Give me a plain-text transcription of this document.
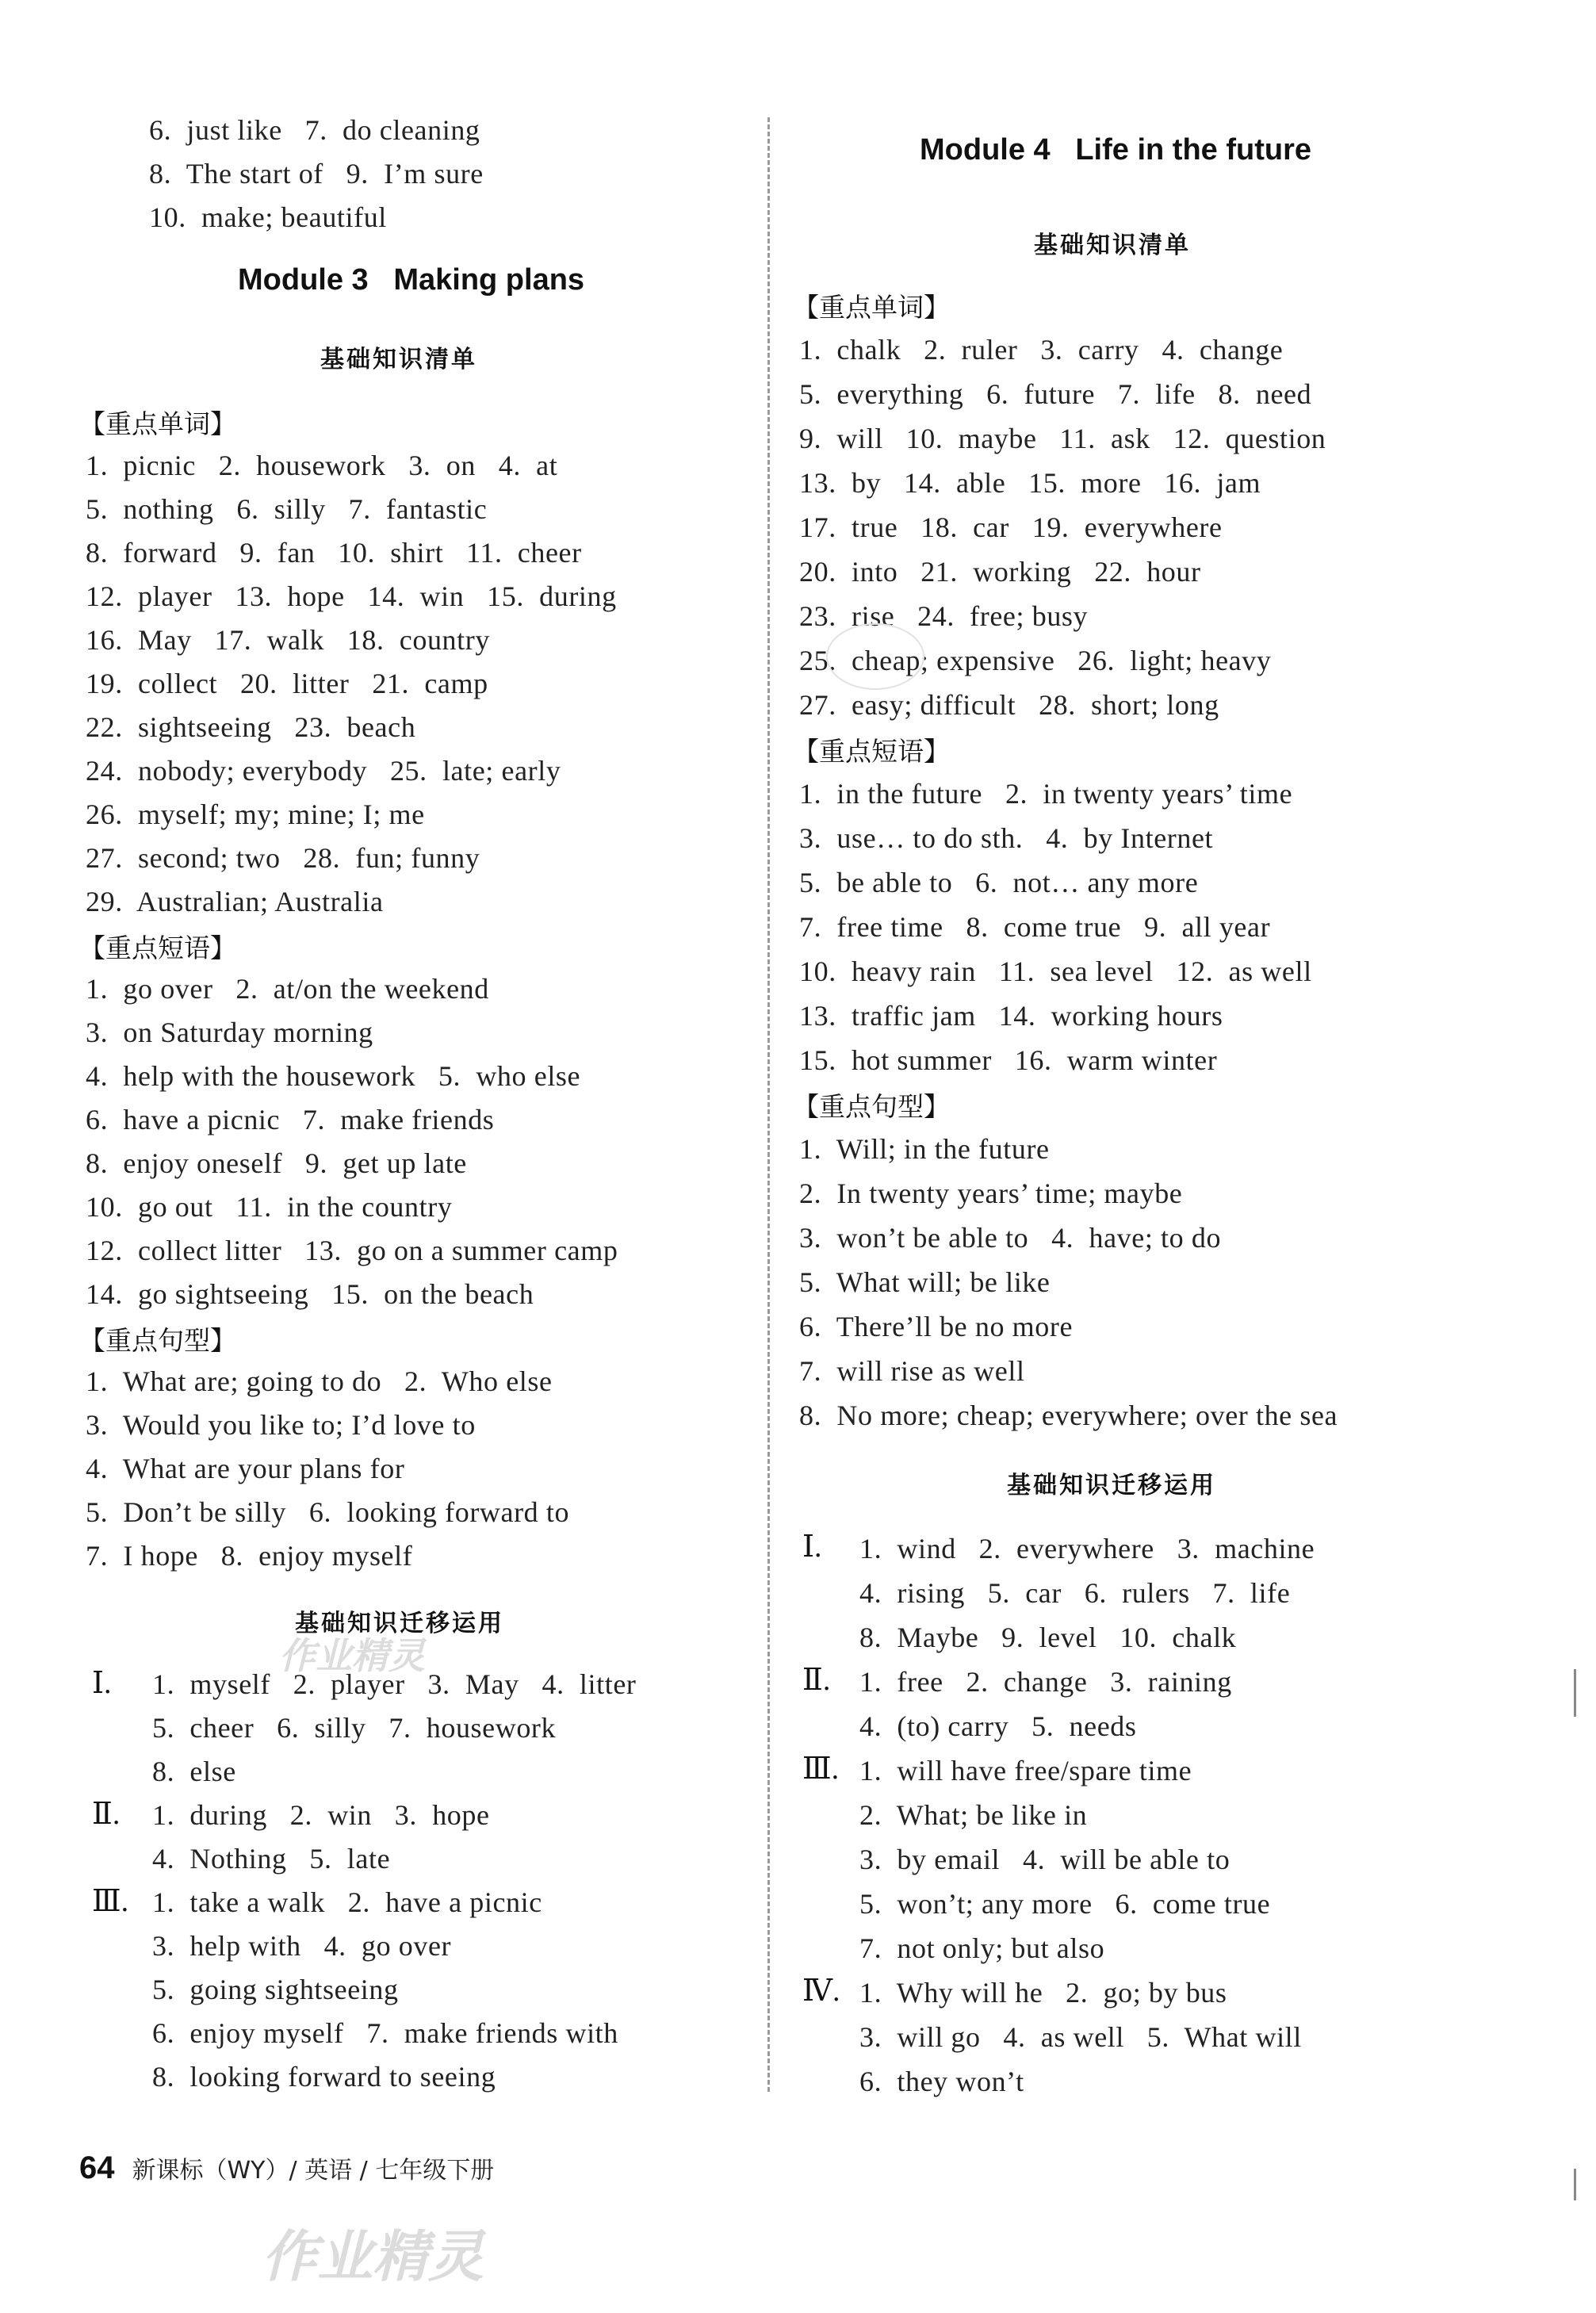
6.  just like   7.  do cleaning
8.  The start of   9.  I’m sure
10.  make; beautiful
Module 3   Making plans
基础知识清单
【重点单词】
1.  picnic   2.  housework   3.  on   4.  at
5.  nothing   6.  silly   7.  fantastic
8.  forward   9.  fan   10.  shirt   11.  cheer
12.  player   13.  hope   14.  win   15.  during
16.  May   17.  walk   18.  country
19.  collect   20.  litter   21.  camp
22.  sightseeing   23.  beach
24.  nobody; everybody   25.  late; early
26.  myself; my; mine; I; me
27.  second; two   28.  fun; funny
29.  Australian; Australia
【重点短语】
1.  go over   2.  at/on the weekend
3.  on Saturday morning
4.  help with the housework   5.  who else
6.  have a picnic   7.  make friends
8.  enjoy oneself   9.  get up late
10.  go out   11.  in the country
12.  collect litter   13.  go on a summer camp
14.  go sightseeing   15.  on the beach
【重点句型】
1.  What are; going to do   2.  Who else
3.  Would you like to; I’d love to
4.  What are your plans for
5.  Don’t be silly   6.  looking forward to
7.  I hope   8.  enjoy myself
基础知识迁移运用
Ⅰ. 1.  myself   2.  player   3.  May   4.  litter
5.  cheer   6.  silly   7.  housework
8.  else
Ⅱ. 1.  during   2.  win   3.  hope
4.  Nothing   5.  late
Ⅲ. 1.  take a walk   2.  have a picnic
3.  help with   4.  go over
5.  going sightseeing
6.  enjoy myself   7.  make friends with
8.  looking forward to seeing
Module 4   Life in the future
基础知识清单
【重点单词】
1.  chalk   2.  ruler   3.  carry   4.  change
5.  everything   6.  future   7.  life   8.  need
9.  will   10.  maybe   11.  ask   12.  question
13.  by   14.  able   15.  more   16.  jam
17.  true   18.  car   19.  everywhere
20.  into   21.  working   22.  hour
23.  rise   24.  free; busy
25.  cheap; expensive   26.  light; heavy
27.  easy; difficult   28.  short; long
【重点短语】
1.  in the future   2.  in twenty years’ time
3.  use… to do sth.   4.  by Internet
5.  be able to   6.  not… any more
7.  free time   8.  come true   9.  all year
10.  heavy rain   11.  sea level   12.  as well
13.  traffic jam   14.  working hours
15.  hot summer   16.  warm winter
【重点句型】
1.  Will; in the future
2.  In twenty years’ time; maybe
3.  won’t be able to   4.  have; to do
5.  What will; be like
6.  There’ll be no more
7.  will rise as well
8.  No more; cheap; everywhere; over the sea
基础知识迁移运用
Ⅰ. 1.  wind   2.  everywhere   3.  machine
4.  rising   5.  car   6.  rulers   7.  life
8.  Maybe   9.  level   10.  chalk
Ⅱ. 1.  free   2.  change   3.  raining
4.  (to) carry   5.  needs
Ⅲ. 1.  will have free/spare time
2.  What; be like in
3.  by email   4.  will be able to
5.  won’t; any more   6.  come true
7.  not only; but also
Ⅳ. 1.  Why will he   2.  go; by bus
3.  will go   4.  as well   5.  What will
6.  they won’t
作业精灵
作业精灵
64 新课标（WY）/ 英语 / 七年级下册
